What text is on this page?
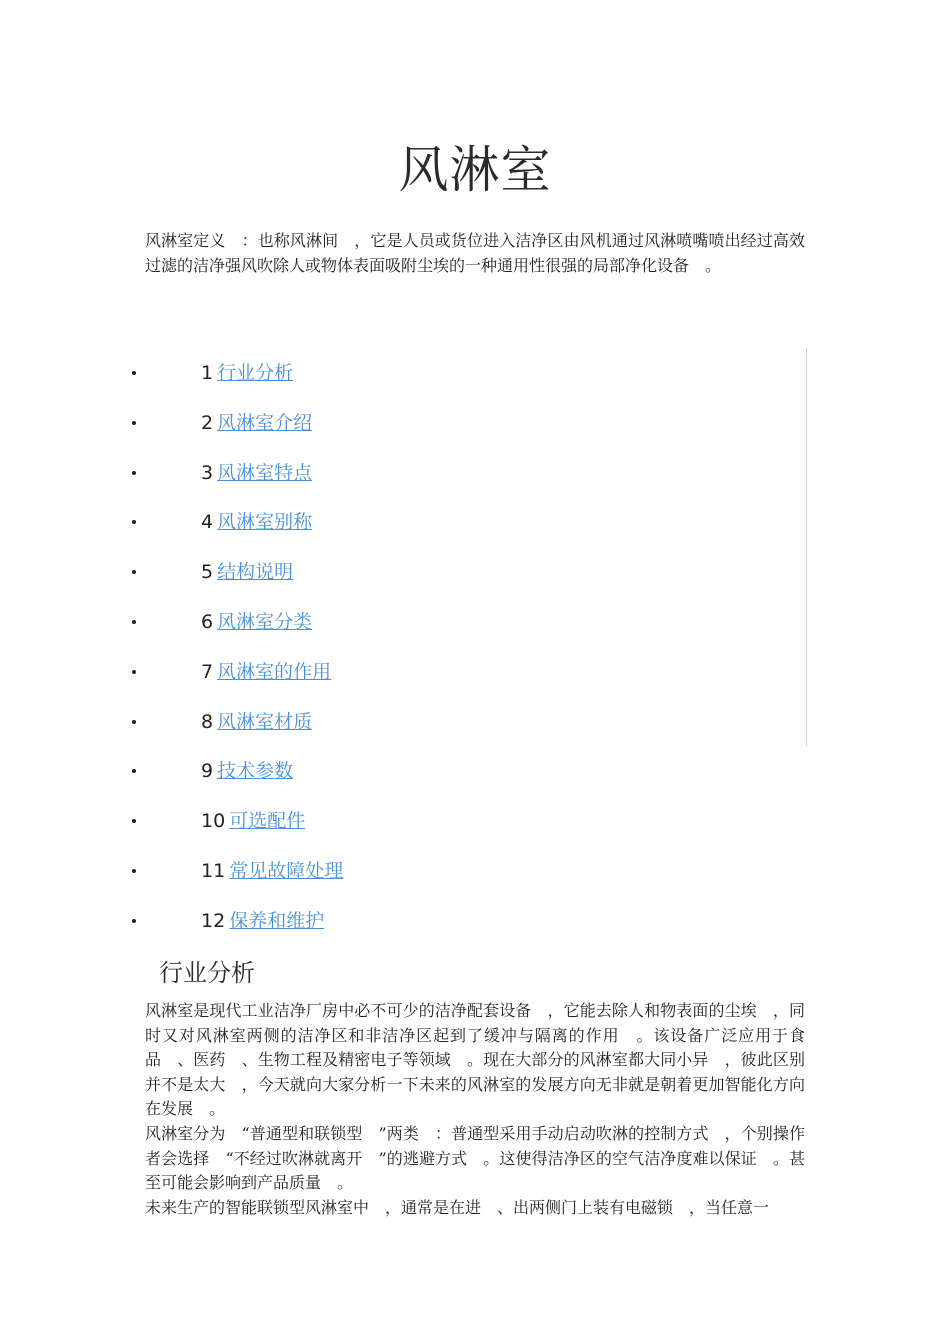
风淋室
风淋室定义　：也称风淋间　，它是人员或货位进入洁净区由风机通过风淋喷嘴喷出经过高效过滤的洁净强风吹除人或物体表面吸附尘埃的一种通用性很强的局部净化设备　。
1 行业分析
2 风淋室介绍
3 风淋室特点
4 风淋室别称
5 结构说明
6 风淋室分类
7 风淋室的作用
8 风淋室材质
9 技术参数
10 可选配件
11 常见故障处理
12 保养和维护
行业分析

风淋室是现代工业洁净厂房中必不可少的洁净配套设备　，它能去除人和物表面的尘埃　，同时又对风淋室两侧的洁净区和非洁净区起到了缓冲与隔离的作用　。该设备广泛应用于食品　、医药　、生物工程及精密电子等领域　。现在大部分的风淋室都大同小异　，彼此区别并不是太大　，今天就向大家分析一下未来的风淋室的发展方向无非就是朝着更加智能化方向在发展　。

风淋室分为　“普通型和联锁型　”两类　：普通型采用手动启动吹淋的控制方式　，个别操作者会选择　“不经过吹淋就离开　”的逃避方式　。这使得洁净区的空气洁净度难以保证　。甚至可能会影响到产品质量　。

未来生产的智能联锁型风淋室中　，通常是在进　、出两侧门上装有电磁锁　，当任意一
